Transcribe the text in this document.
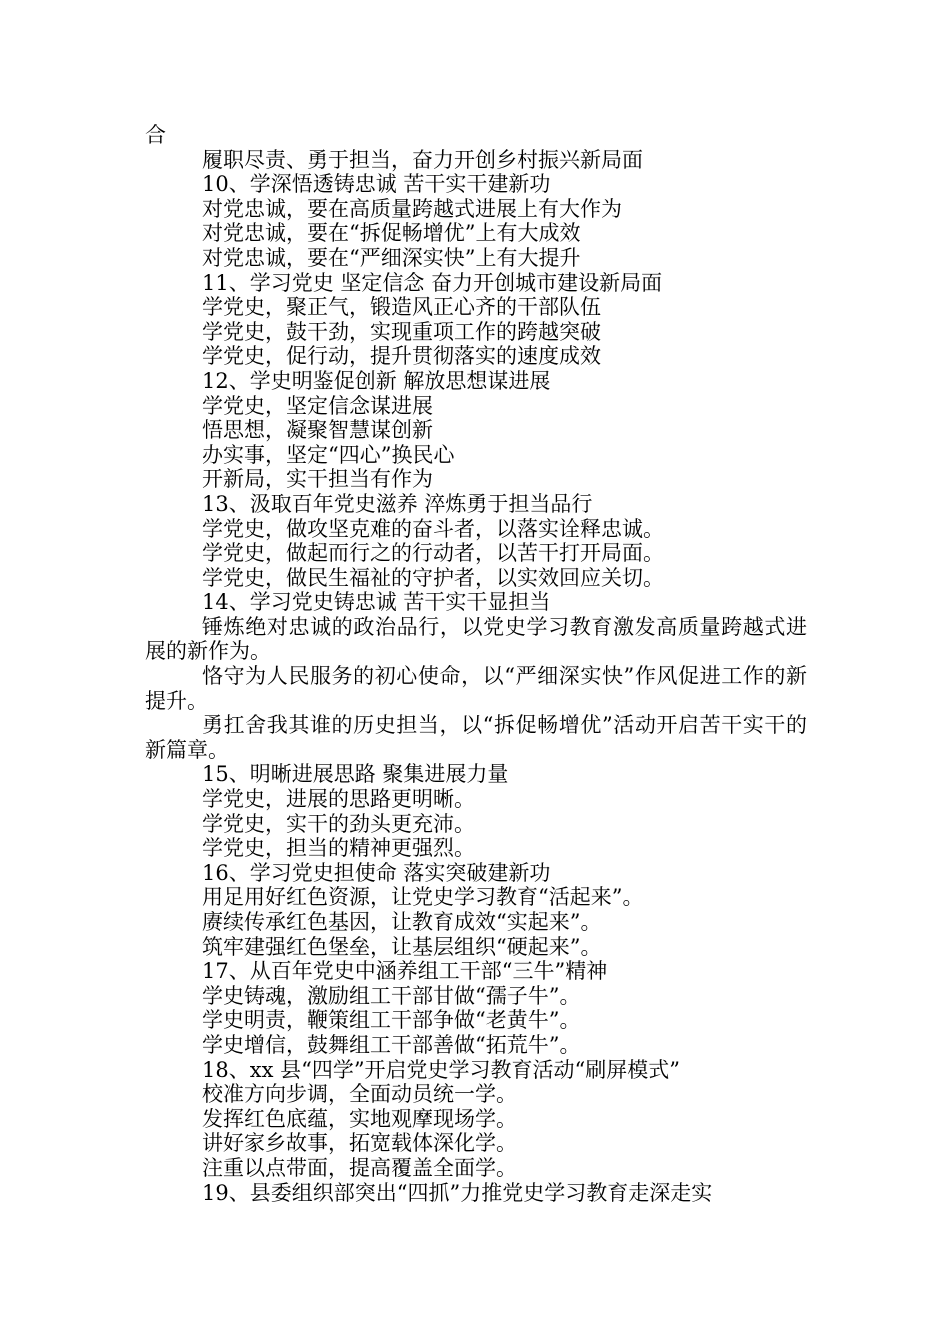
合
履职尽责、勇于担当，奋力开创乡村振兴新局面
10、学深悟透铸忠诚 苦干实干建新功
对党忠诚，要在高质量跨越式进展上有大作为
对党忠诚，要在“拆促畅增优”上有大成效
对党忠诚，要在“严细深实快”上有大提升
11、学习党史 坚定信念 奋力开创城市建设新局面
学党史，聚正气，锻造风正心齐的干部队伍
学党史，鼓干劲，实现重项工作的跨越突破
学党史，促行动，提升贯彻落实的速度成效
12、学史明鉴促创新 解放思想谋进展
学党史，坚定信念谋进展
悟思想，凝聚智慧谋创新
办实事，坚定“四心”换民心
开新局，实干担当有作为
13、汲取百年党史滋养 淬炼勇于担当品行
学党史，做攻坚克难的奋斗者，以落实诠释忠诚。
学党史，做起而行之的行动者，以苦干打开局面。
学党史，做民生福祉的守护者，以实效回应关切。
14、学习党史铸忠诚 苦干实干显担当
锤炼绝对忠诚的政治品行，以党史学习教育激发高质量跨越式进展的新作为。
恪守为人民服务的初心使命，以“严细深实快”作风促进工作的新提升。
勇扛舍我其谁的历史担当，以“拆促畅增优”活动开启苦干实干的新篇章。
15、明晰进展思路 聚集进展力量
学党史，进展的思路更明晰。
学党史，实干的劲头更充沛。
学党史，担当的精神更强烈。
16、学习党史担使命 落实突破建新功
用足用好红色资源，让党史学习教育“活起来”。
赓续传承红色基因，让教育成效“实起来”。
筑牢建强红色堡垒，让基层组织“硬起来”。
17、从百年党史中涵养组工干部“三牛”精神
学史铸魂，激励组工干部甘做“孺子牛”。
学史明责，鞭策组工干部争做“老黄牛”。
学史增信，鼓舞组工干部善做“拓荒牛”。
18、xx 县“四学”开启党史学习教育活动“刷屏模式”
校准方向步调，全面动员统一学。
发挥红色底蕴，实地观摩现场学。
讲好家乡故事，拓宽载体深化学。
注重以点带面，提高覆盖全面学。
19、县委组织部突出“四抓”力推党史学习教育走深走实
